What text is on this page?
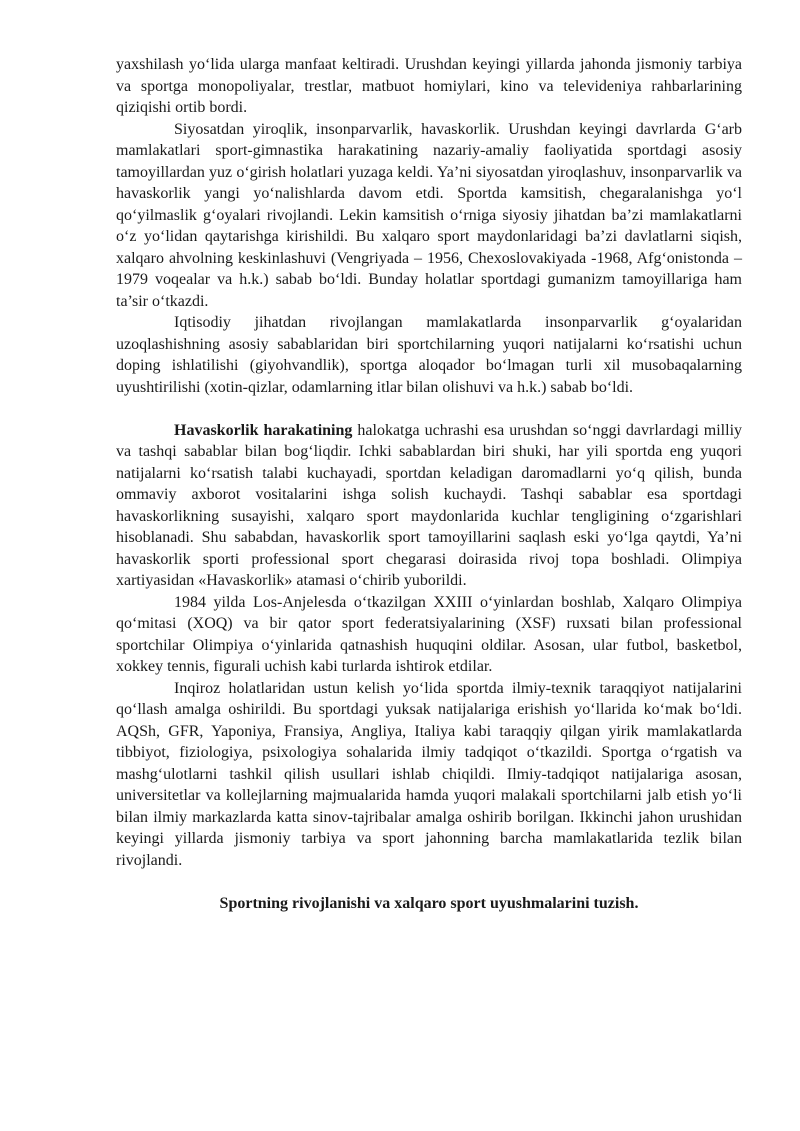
yaxshilash yo‘lida ularga manfaat keltiradi. Urushdan keyingi yillarda jahonda jismoniy tarbiya va sportga monopoliyalar, trestlar, matbuot homiylari, kino va televideniya rahbarlarining qiziqishi ortib bordi.

Siyosatdan yiroqlik, insonparvarlik, havaskorlik. Urushdan keyingi davrlarda G‘arb mamlakatlari sport-gimnastika harakatining nazariy-amaliy faoliyatida sportdagi asosiy tamoyillardan yuz o‘girish holatlari yuzaga keldi. Ya’ni siyosatdan yiroqlashuv, insonparvarlik va havaskorlik yangi yo‘nalishlarda davom etdi. Sportda kamsitish, chegaralanishga yo‘l qo‘yilmaslik g‘oyalari rivojlandi. Lekin kamsitish o‘rniga siyosiy jihatdan ba’zi mamlakatlarni o‘z yo‘lidan qaytarishga kirishildi. Bu xalqaro sport maydonlaridagi ba’zi davlatlarni siqish, xalqaro ahvolning keskinlashuvi (Vengriyada – 1956, Chexoslovakiyada -1968, Afg‘onistonda – 1979 voqealar va h.k.) sabab bo‘ldi. Bunday holatlar sportdagi gumanizm tamoyillariga ham ta’sir o‘tkazdi.

Iqtisodiy jihatdan rivojlangan mamlakatlarda insonparvarlik g‘oyalaridan uzoqlashishning asosiy sabablaridan biri sportchilarning yuqori natijalarni ko‘rsatishi uchun doping ishlatilishi (giyohvandlik), sportga aloqador bo‘lmagan turli xil musobaqalarning uyushtirilishi (xotin-qizlar, odamlarning itlar bilan olishuvi va h.k.) sabab bo‘ldi.

Havaskorlik harakatining halokatga uchrashi esa urushdan so‘nggi davrlardagi milliy va tashqi sabablar bilan bog‘liqdir. Ichki sabablardan biri shuki, har yili sportda eng yuqori natijalarni ko‘rsatish talabi kuchayadi, sportdan keladigan daromadlarni yo‘q qilish, bunda ommaviy axborot vositalarini ishga solish kuchaydi. Tashqi sabablar esa sportdagi havaskorlikning susayishi, xalqaro sport maydonlarida kuchlar tengligining o‘zgarishlari hisoblanadi. Shu sababdan, havaskorlik sport tamoyillarini saqlash eski yo‘lga qaytdi, Ya’ni havaskorlik sporti professional sport chegarasi doirasida rivoj topa boshladi. Olimpiya xartiyasidan «Havaskorlik» atamasi o‘chirib yuborildi.

1984 yilda Los-Anjelesda o‘tkazilgan XXIII o‘yinlardan boshlab, Xalqaro Olimpiya qo‘mitasi (XOQ) va bir qator sport federatsiyalarining (XSF) ruxsati bilan professional sportchilar Olimpiya o‘yinlarida qatnashish huquqini oldilar. Asosan, ular futbol, basketbol, xokkey tennis, figurali uchish kabi turlarda ishtirok etdilar.

Inqiroz holatlaridan ustun kelish yo‘lida sportda ilmiy-texnik taraqqiyot natijalarini qo‘llash amalga oshirildi. Bu sportdagi yuksak natijalariga erishish yo‘llarida ko‘mak bo‘ldi. AQSh, GFR, Yaponiya, Fransiya, Angliya, Italiya kabi taraqqiy qilgan yirik mamlakatlarda tibbiyot, fiziologiya, psixologiya sohalarida ilmiy tadqiqot o‘tkazildi. Sportga o‘rgatish va mashg‘ulotlarni tashkil qilish usullari ishlab chiqildi. Ilmiy-tadqiqot natijalariga asosan, universitetlar va kollejlarning majmualarida hamda yuqori malakali sportchilarni jalb etish yo‘li bilan ilmiy markazlarda katta sinov-tajribalar amalga oshirib borilgan. Ikkinchi jahon urushidan keyingi yillarda jismoniy tarbiya va sport jahonning barcha mamlakatlarida tezlik bilan rivojlandi.

Sportning rivojlanishi va xalqaro sport uyushmalarini tuzish.
